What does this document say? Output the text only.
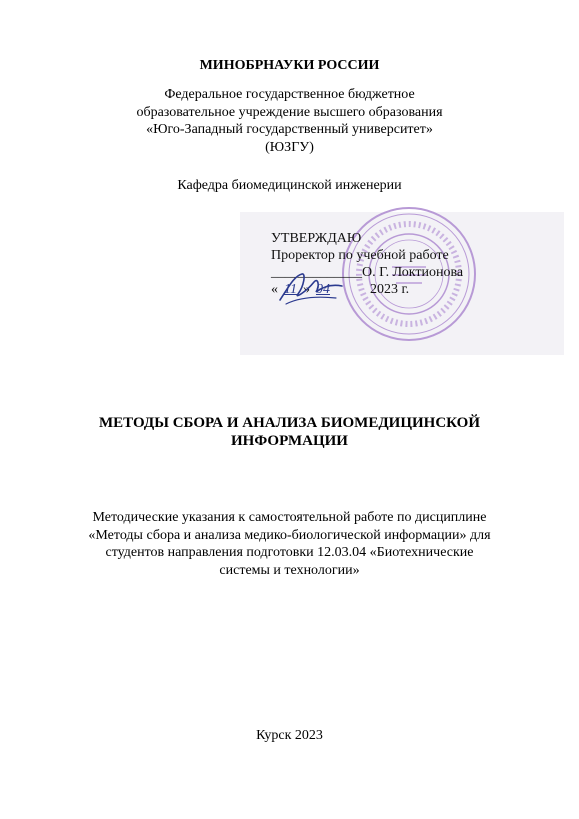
МИНОБРНАУКИ РОССИИ
Федеральное государственное бюджетное
образовательное учреждение высшего образования
«Юго-Западный государственный университет»
(ЮЗГУ)
Кафедра биомедицинской инженерии
УТВЕРЖДАЮ
Проректор по учебной работе
_____________О. Г. Локтионова
« 11 » 04	2023 г.
МЕТОДЫ СБОРА И АНАЛИЗА БИОМЕДИЦИНСКОЙ
ИНФОРМАЦИИ
Методические указания к самостоятельной работе по дисциплине
«Методы сбора и анализа медико-биологической информации» для
студентов направления подготовки 12.03.04 «Биотехнические
системы и технологии»
Курск 2023
